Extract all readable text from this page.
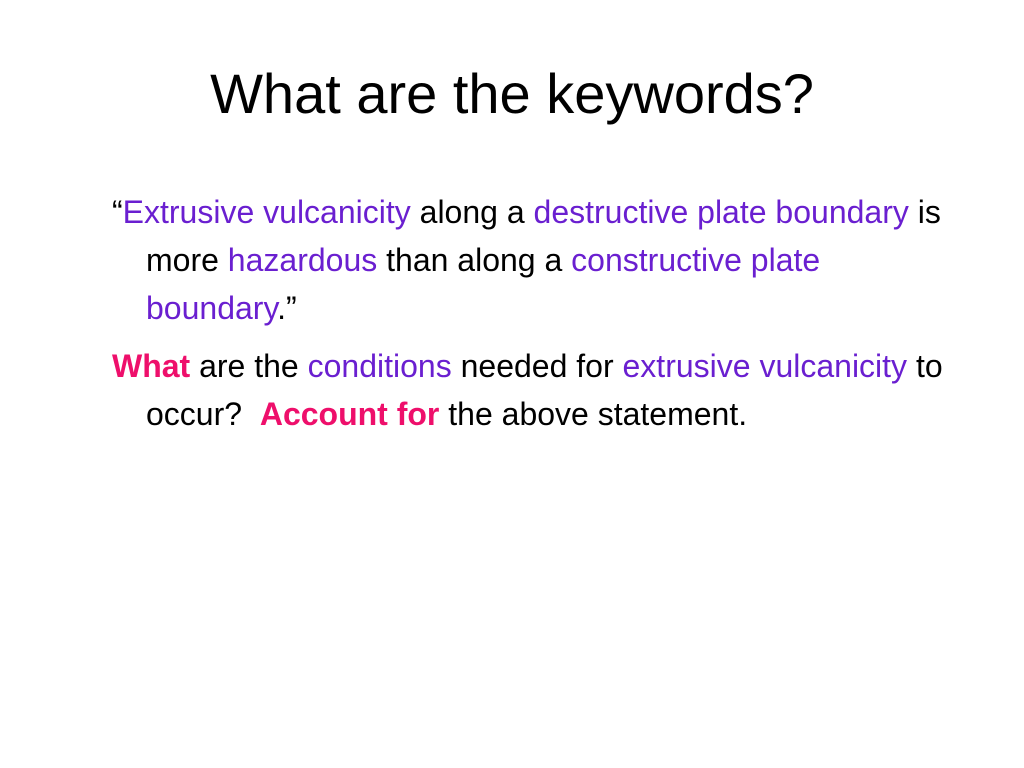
What are the keywords?

“Extrusive vulcanicity along a destructive plate boundary is more hazardous than along a constructive plate boundary.”

What are the conditions needed for extrusive vulcanicity to occur?  Account for the above statement.
